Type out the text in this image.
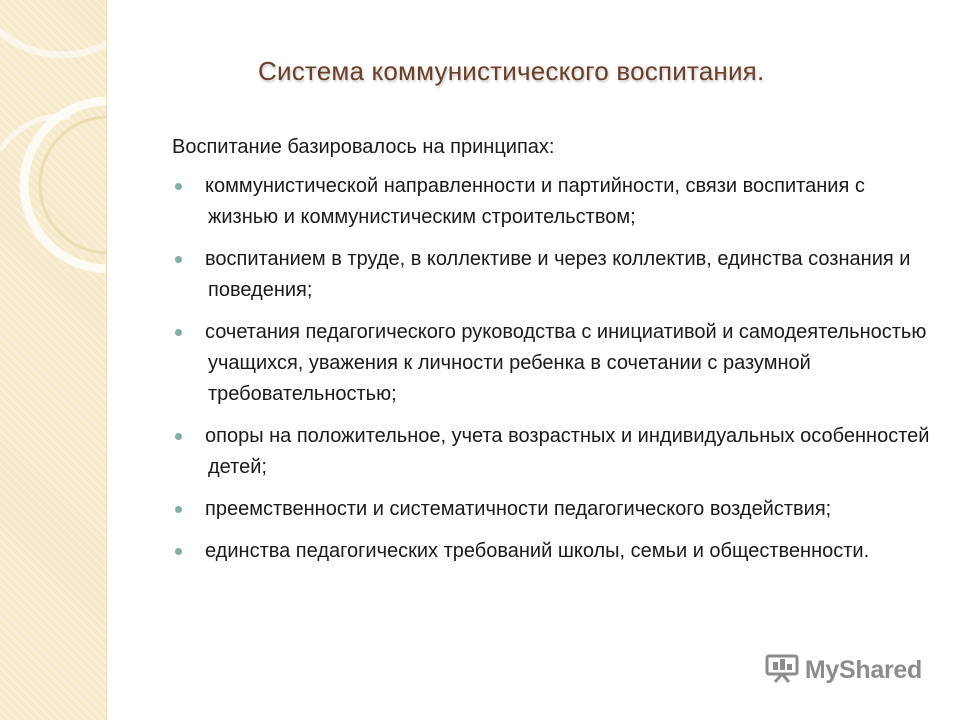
Система коммунистического воспитания.

Воспитание базировалось на принципах:

коммунистической направленности и партийности, связи воспитания с жизнью и коммунистическим строительством;
воспитанием в труде, в коллективе и через коллектив, единства сознания и поведения;
сочетания педагогического руководства с инициативой и самодеятельностью учащихся, уважения к личности ребенка в сочетании с разумной требовательностью;
опоры на положительное, учета возрастных и индивидуальных особенностей детей;
преемственности и систематичности педагогического воздействия;
единства педагогических требований школы, семьи и общественности.
MyShared
